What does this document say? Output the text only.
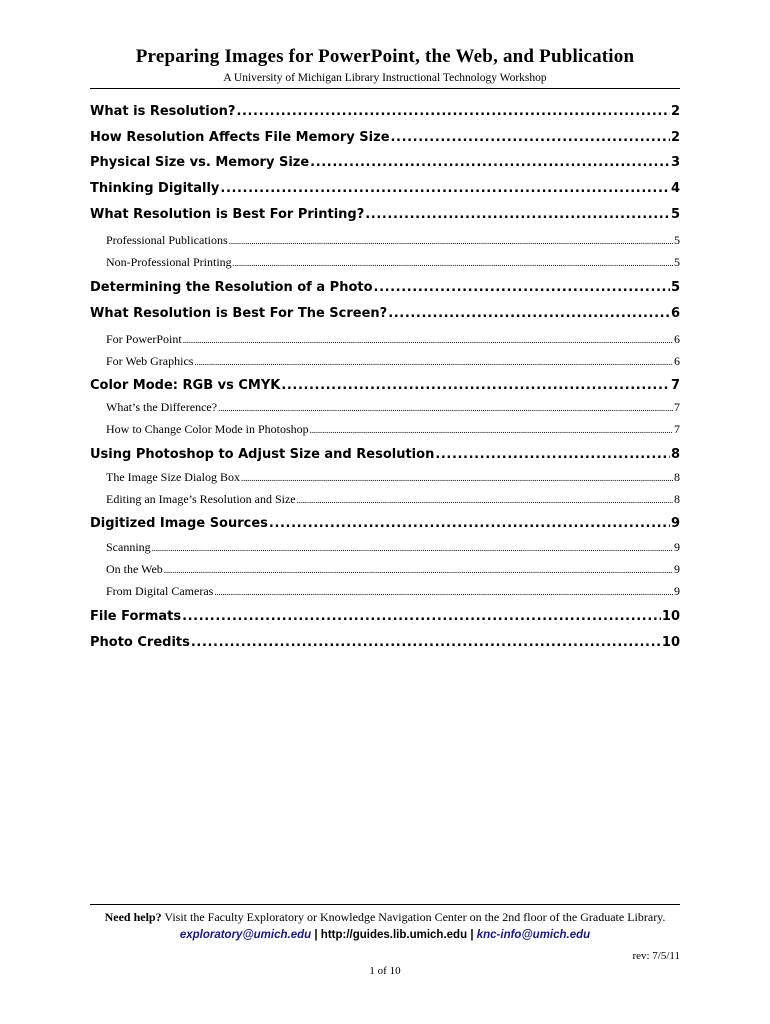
Preparing Images for PowerPoint, the Web, and Publication
A University of Michigan Library Instructional Technology Workshop
What is Resolution? .....	2
How Resolution Affects File Memory Size .....	2
Physical Size vs. Memory Size .....	3
Thinking Digitally .....	4
What Resolution is Best For Printing? .....	5
Professional Publications .....	5
Non-Professional Printing .....	5
Determining the Resolution of a Photo .....	5
What Resolution is Best For The Screen? .....	6
For PowerPoint .....	6
For Web Graphics .....	6
Color Mode: RGB vs CMYK .....	7
What’s the Difference? .....	7
How to Change Color Mode in Photoshop .....	7
Using Photoshop to Adjust Size and Resolution .....	8
The Image Size Dialog Box .....	8
Editing an Image’s Resolution and Size .....	8
Digitized Image Sources .....	9
Scanning .....	9
On the Web .....	9
From Digital Cameras .....	9
File Formats .....	10
Photo Credits .....	10
Need help? Visit the Faculty Exploratory or Knowledge Navigation Center on the 2nd floor of the Graduate Library.
exploratory@umich.edu | http://guides.lib.umich.edu | knc-info@umich.edu
rev: 7/5/11
1 of 10
